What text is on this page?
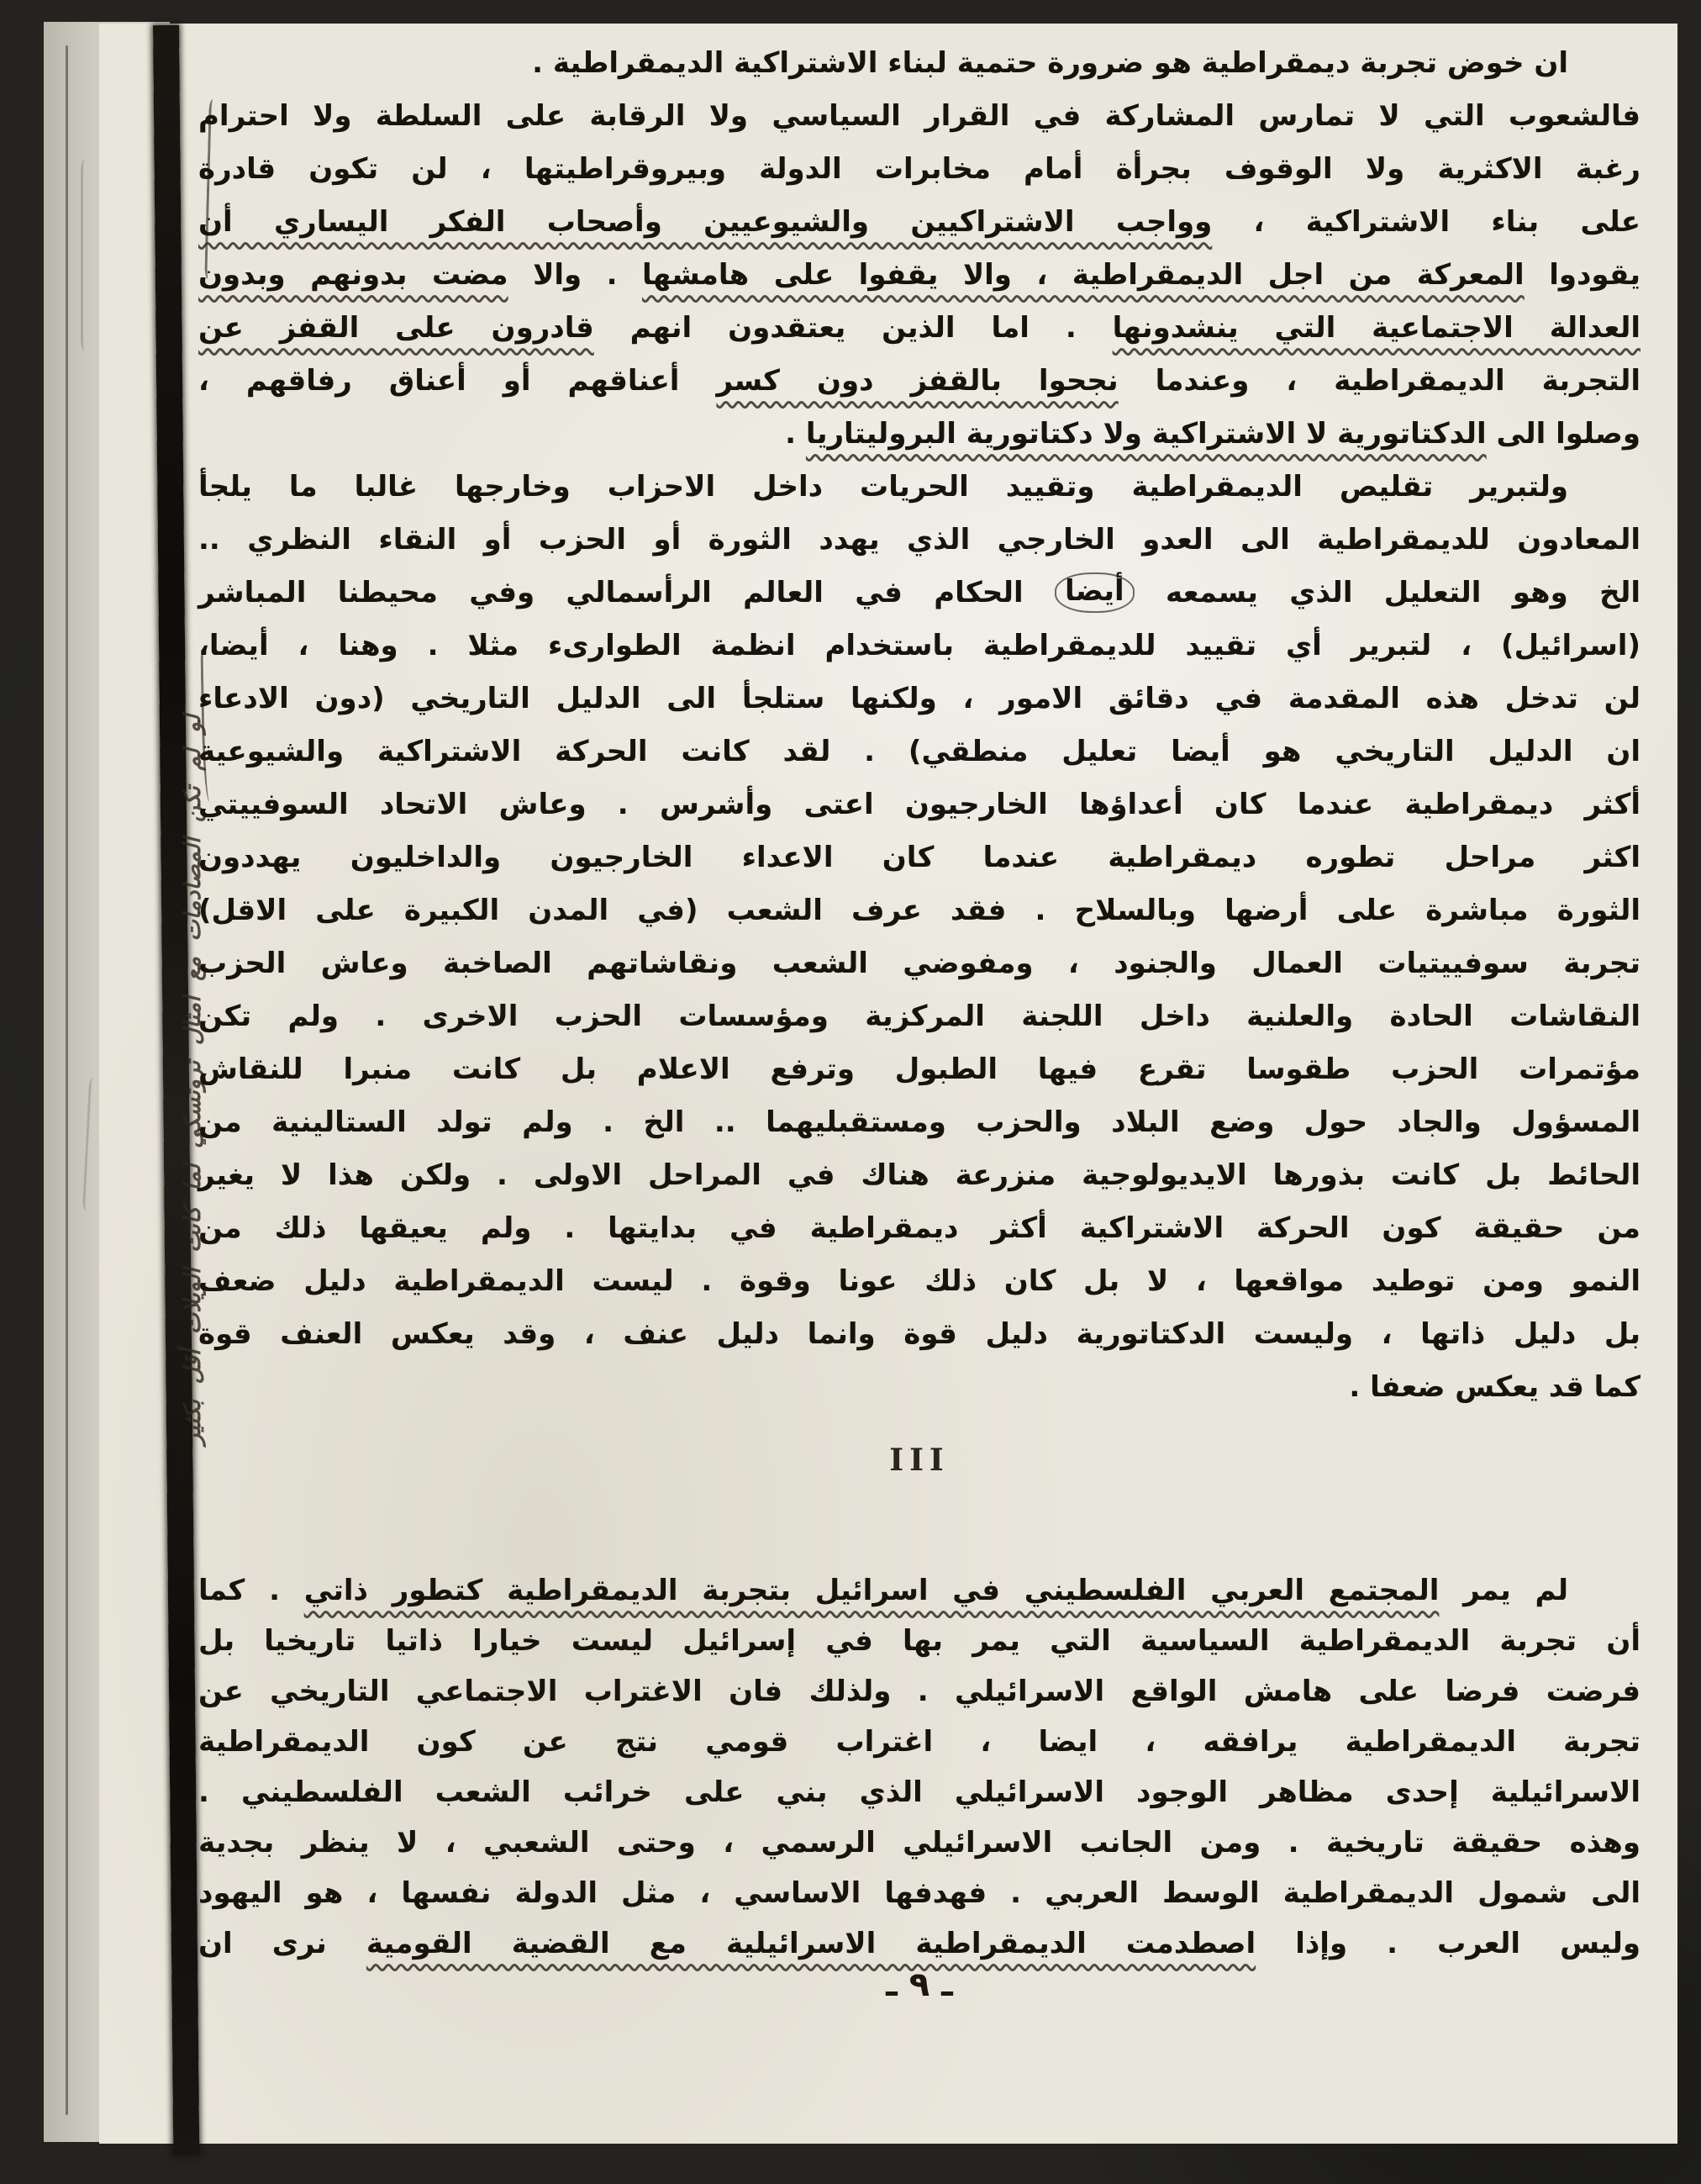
لو لم تكن المصادمات مع امثال تروتسكي لما كانت الويلات أقل بكثير
ان خوض تجربة ديمقراطية هو ضرورة حتمية لبناء الاشتراكية الديمقراطية .
فالشعوب التي لا تمارس المشاركة في القرار السياسي ولا الرقابة على السلطة ولا احترام
رغبة الاكثرية ولا الوقوف بجرأة أمام مخابرات الدولة وبيروقراطيتها ، لن تكون قادرة
على بناء الاشتراكية ، وواجب الاشتراكيين والشيوعيين وأصحاب الفكر اليساري أن
يقودوا المعركة من اجل الديمقراطية ، والا يقفوا على هامشها . والا مضت بدونهم وبدون
العدالة الاجتماعية التي ينشدونها . اما الذين يعتقدون انهم قادرون على القفز عن
التجربة الديمقراطية ، وعندما نجحوا بالقفز دون كسر أعناقهم أو أعناق رفاقهم ،
وصلوا الى الدكتاتورية لا الاشتراكية ولا دكتاتورية البروليتاريا .
ولتبرير تقليص الديمقراطية وتقييد الحريات داخل الاحزاب وخارجها غالبا ما يلجأ
المعادون للديمقراطية الى العدو الخارجي الذي يهدد الثورة أو الحزب أو النقاء النظري ..
الخ وهو التعليل الذي يسمعه أيضا الحكام في العالم الرأسمالي وفي محيطنا المباشر
(اسرائيل) ، لتبرير أي تقييد للديمقراطية باستخدام انظمة الطوارىء مثلا . وهنا ، أيضا،
لن تدخل هذه المقدمة في دقائق الامور ، ولكنها ستلجأ الى الدليل التاريخي (دون الادعاء
ان الدليل التاريخي هو أيضا تعليل منطقي) . لقد كانت الحركة الاشتراكية والشيوعية
أكثر ديمقراطية عندما كان أعداؤها الخارجيون اعتى وأشرس . وعاش الاتحاد السوفييتي
اكثر مراحل تطوره ديمقراطية عندما كان الاعداء الخارجيون والداخليون يهددون
الثورة مباشرة على أرضها وبالسلاح . فقد عرف الشعب (في المدن الكبيرة على الاقل)
تجربة سوفييتيات العمال والجنود ، ومفوضي الشعب ونقاشاتهم الصاخبة وعاش الحزب
النقاشات الحادة والعلنية داخل اللجنة المركزية ومؤسسات الحزب الاخرى . ولم تكن
مؤتمرات الحزب طقوسا تقرع فيها الطبول وترفع الاعلام بل كانت منبرا للنقاش
المسؤول والجاد حول وضع البلاد والحزب ومستقبليهما .. الخ . ولم تولد الستالينية من
الحائط بل كانت بذورها الايديولوجية منزرعة هناك في المراحل الاولى . ولكن هذا لا يغير
من حقيقة كون الحركة الاشتراكية أكثر ديمقراطية في بدايتها . ولم يعيقها ذلك من
النمو ومن توطيد مواقعها ، لا بل كان ذلك عونا وقوة . ليست الديمقراطية دليل ضعف
بل دليل ذاتها ، وليست الدكتاتورية دليل قوة وانما دليل عنف ، وقد يعكس العنف قوة
كما قد يعكس ضعفا .
III
لم يمر المجتمع العربي الفلسطيني في اسرائيل بتجربة الديمقراطية كتطور ذاتي . كما
أن تجربة الديمقراطية السياسية التي يمر بها في إسرائيل ليست خيارا ذاتيا تاريخيا بل
فرضت فرضا على هامش الواقع الاسرائيلي . ولذلك فان الاغتراب الاجتماعي التاريخي عن
تجربة الديمقراطية يرافقه ، ايضا ، اغتراب قومي نتج عن كون الديمقراطية
الاسرائيلية إحدى مظاهر الوجود الاسرائيلي الذي بني على خرائب الشعب الفلسطيني .
وهذه حقيقة تاريخية . ومن الجانب الاسرائيلي الرسمي ، وحتى الشعبي ، لا ينظر بجدية
الى شمول الديمقراطية الوسط العربي . فهدفها الاساسي ، مثل الدولة نفسها ، هو اليهود
وليس العرب . وإذا اصطدمت الديمقراطية الاسرائيلية مع القضية القومية نرى ان
ـ ٩ ـ
